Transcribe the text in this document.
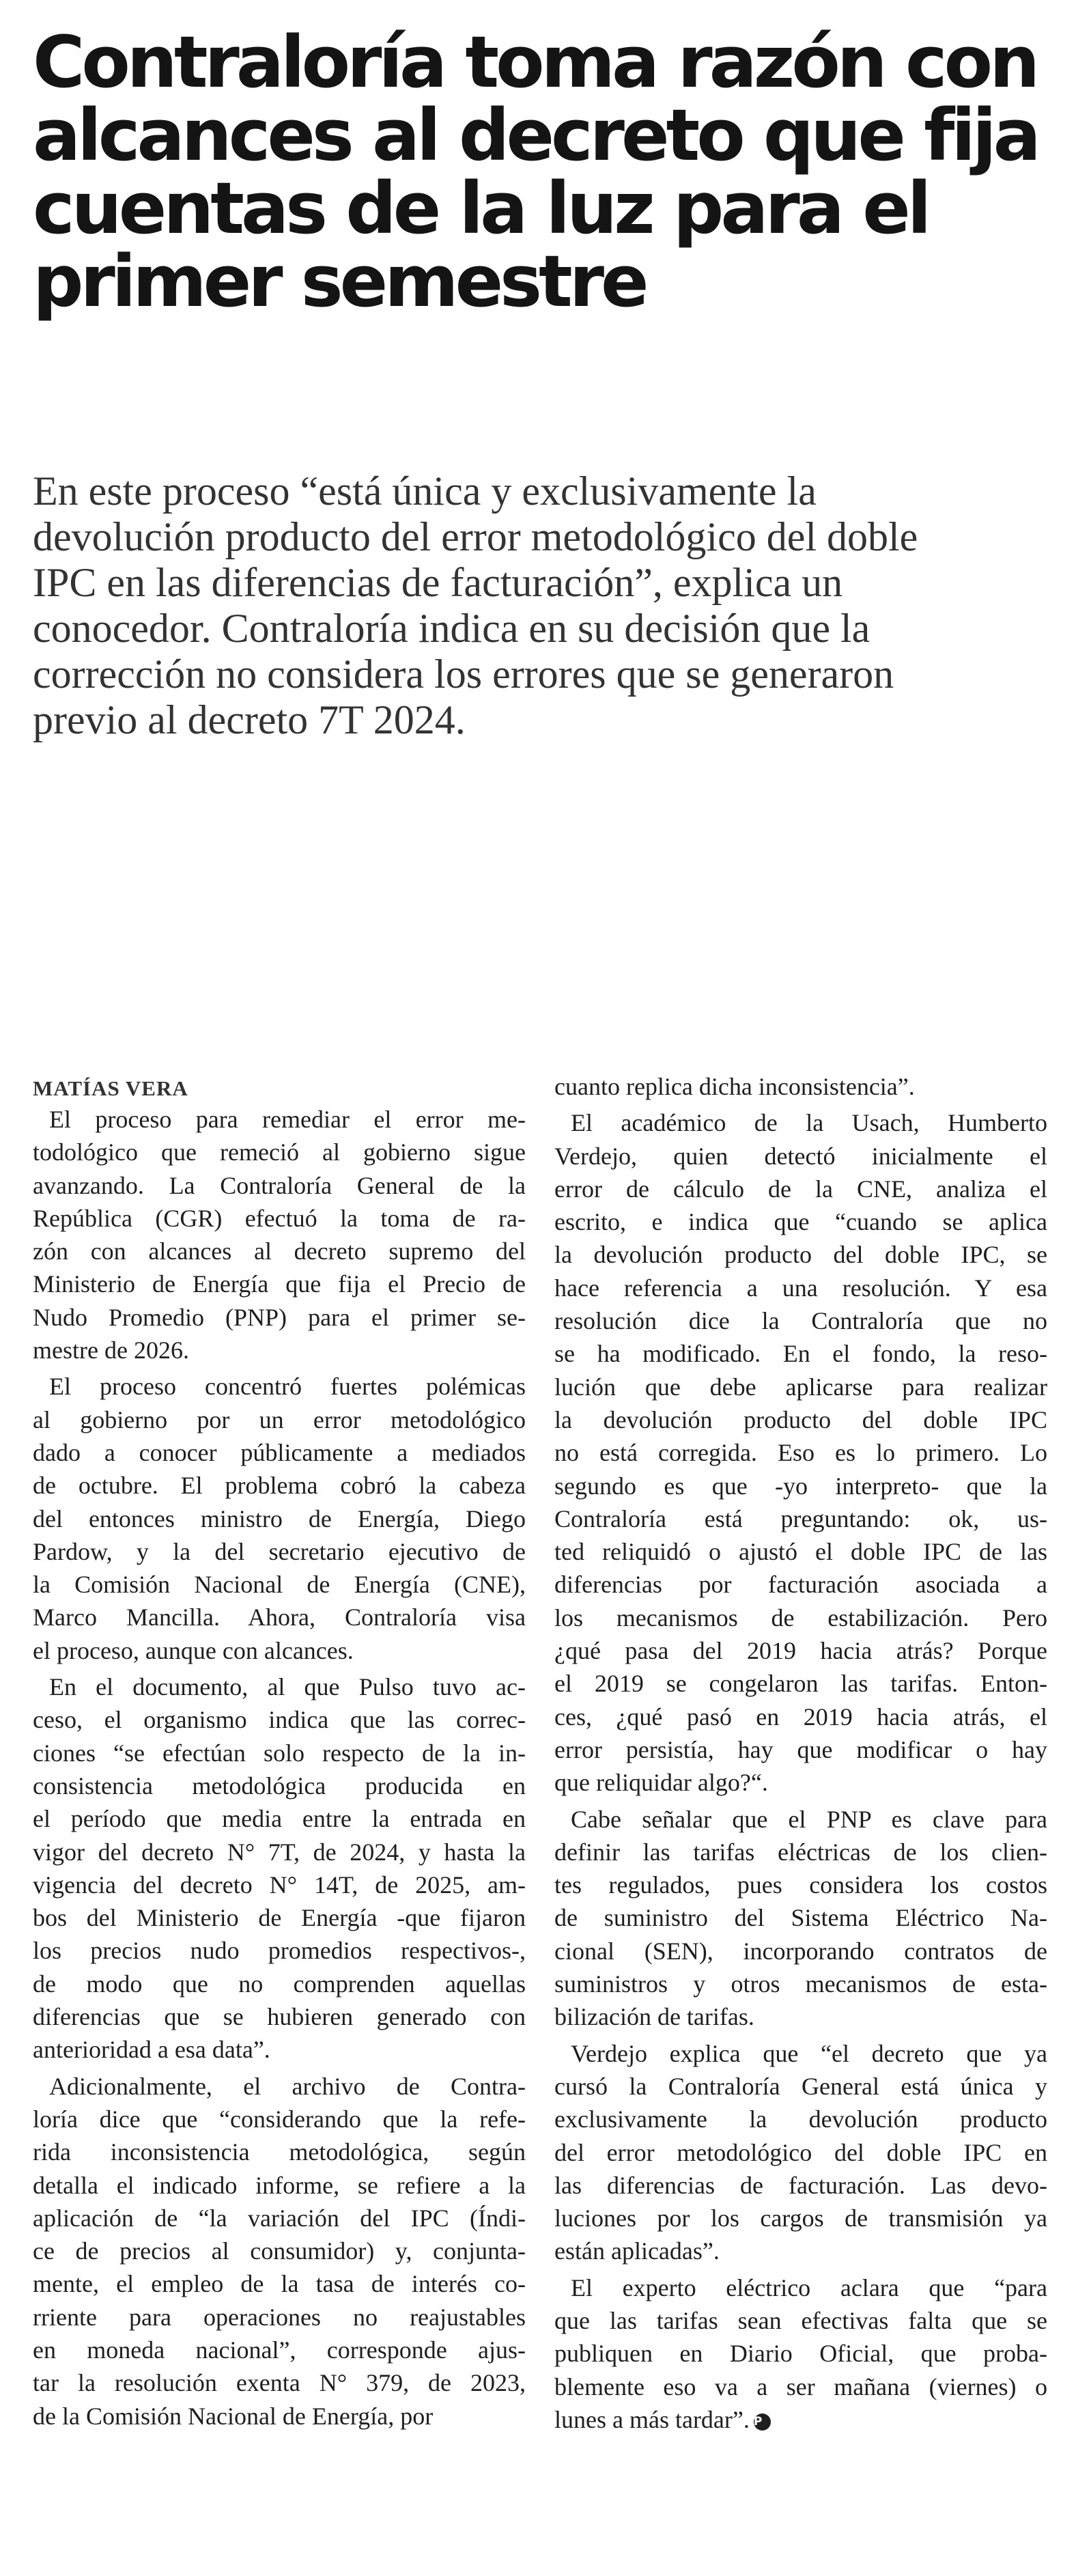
Contraloría toma razón con
alcances al decreto que fija
cuentas de la luz para el
primer semestre

En este proceso “está única y exclusivamente la
devolución producto del error metodológico del doble
IPC en las diferencias de facturación”, explica un
conocedor. Contraloría indica en su decisión que la
corrección no considera los errores que se generaron
previo al decreto 7T 2024.

MATÍAS VERA

El proceso para remediar el error me-
todológico que remeció al gobierno sigue
avanzando. La Contraloría General de la
República (CGR) efectuó la toma de ra-
zón con alcances al decreto supremo del
Ministerio de Energía que fija el Precio de
Nudo Promedio (PNP) para el primer se-
mestre de 2026.

El proceso concentró fuertes polémicas
al gobierno por un error metodológico
dado a conocer públicamente a mediados
de octubre. El problema cobró la cabeza
del entonces ministro de Energía, Diego
Pardow, y la del secretario ejecutivo de
la Comisión Nacional de Energía (CNE),
Marco Mancilla. Ahora, Contraloría visa
el proceso, aunque con alcances.

En el documento, al que Pulso tuvo ac-
ceso, el organismo indica que las correc-
ciones “se efectúan solo respecto de la in-
consistencia metodológica producida en
el período que media entre la entrada en
vigor del decreto N° 7T, de 2024, y hasta la
vigencia del decreto N° 14T, de 2025, am-
bos del Ministerio de Energía -que fijaron
los precios nudo promedios respectivos-,
de modo que no comprenden aquellas
diferencias que se hubieren generado con
anterioridad a esa data”.

Adicionalmente, el archivo de Contra-
loría dice que “considerando que la refe-
rida inconsistencia metodológica, según
detalla el indicado informe, se refiere a la
aplicación de “la variación del IPC (Índi-
ce de precios al consumidor) y, conjunta-
mente, el empleo de la tasa de interés co-
rriente para operaciones no reajustables
en moneda nacional”, corresponde ajus-
tar la resolución exenta N° 379, de 2023,
de la Comisión Nacional de Energía, por

cuanto replica dicha inconsistencia”.

El académico de la Usach, Humberto
Verdejo, quien detectó inicialmente el
error de cálculo de la CNE, analiza el
escrito, e indica que “cuando se aplica
la devolución producto del doble IPC, se
hace referencia a una resolución. Y esa
resolución dice la Contraloría que no
se ha modificado. En el fondo, la reso-
lución que debe aplicarse para realizar
la devolución producto del doble IPC
no está corregida. Eso es lo primero. Lo
segundo es que -yo interpreto- que la
Contraloría está preguntando: ok, us-
ted reliquidó o ajustó el doble IPC de las
diferencias por facturación asociada a
los mecanismos de estabilización. Pero
¿qué pasa del 2019 hacia atrás? Porque
el 2019 se congelaron las tarifas. Enton-
ces, ¿qué pasó en 2019 hacia atrás, el
error persistía, hay que modificar o hay
que reliquidar algo?“.

Cabe señalar que el PNP es clave para
definir las tarifas eléctricas de los clien-
tes regulados, pues considera los costos
de suministro del Sistema Eléctrico Na-
cional (SEN), incorporando contratos de
suministros y otros mecanismos de esta-
bilización de tarifas.

Verdejo explica que “el decreto que ya
cursó la Contraloría General está única y
exclusivamente la devolución producto
del error metodológico del doble IPC en
las diferencias de facturación. Las devo-
luciones por los cargos de transmisión ya
están aplicadas”.

El experto eléctrico aclara que “para
que las tarifas sean efectivas falta que se
publiquen en Diario Oficial, que proba-
blemente eso va a ser mañana (viernes) o
lunes a más tardar”. P
